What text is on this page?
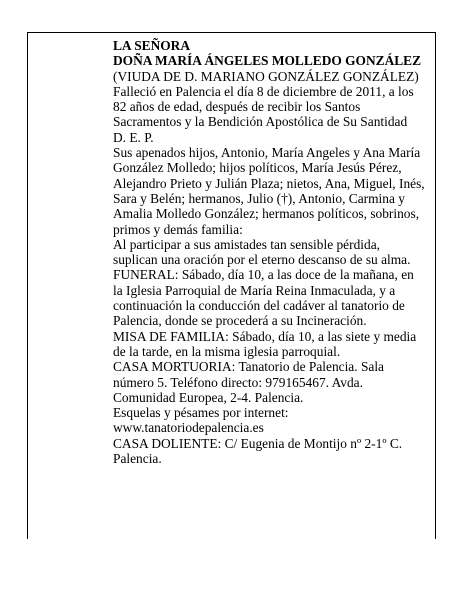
LA SEÑORA

DOÑA MARÍA ÁNGELES MOLLEDO GONZÁLEZ

(VIUDA DE D. MARIANO GONZÁLEZ GONZÁLEZ)

Falleció en Palencia el día 8 de diciembre de 2011, a los 82 años de edad, después de recibir los Santos Sacramentos y la Bendición Apostólica de Su Santidad

D. E. P.

Sus apenados hijos, Antonio, María Angeles y Ana María González Molledo; hijos políticos, María Jesús Pérez, Alejandro Prieto y Julián Plaza; nietos, Ana, Miguel, Inés, Sara y Belén; hermanos, Julio (†), Antonio, Carmina y Amalia Molledo González; hermanos políticos, sobrinos, primos y demás familia:

Al participar a sus amistades tan sensible pérdida, suplican una oración por el eterno descanso de su alma.

FUNERAL: Sábado, día 10, a las doce de la mañana, en la Iglesia Parroquial de María Reina Inmaculada, y a continuación la conducción del cadáver al tanatorio de Palencia, donde se procederá a su Incineración.

MISA DE FAMILIA: Sábado, día 10, a las siete y media de la tarde, en la misma iglesia parroquial.

CASA MORTUORIA: Tanatorio de Palencia. Sala número 5. Teléfono directo: 979165467. Avda. Comunidad Europea, 2-4. Palencia.

Esquelas y pésames por internet:

www.tanatoriodepalencia.es

CASA DOLIENTE: C/ Eugenia de Montijo nº 2-1º C. Palencia.
